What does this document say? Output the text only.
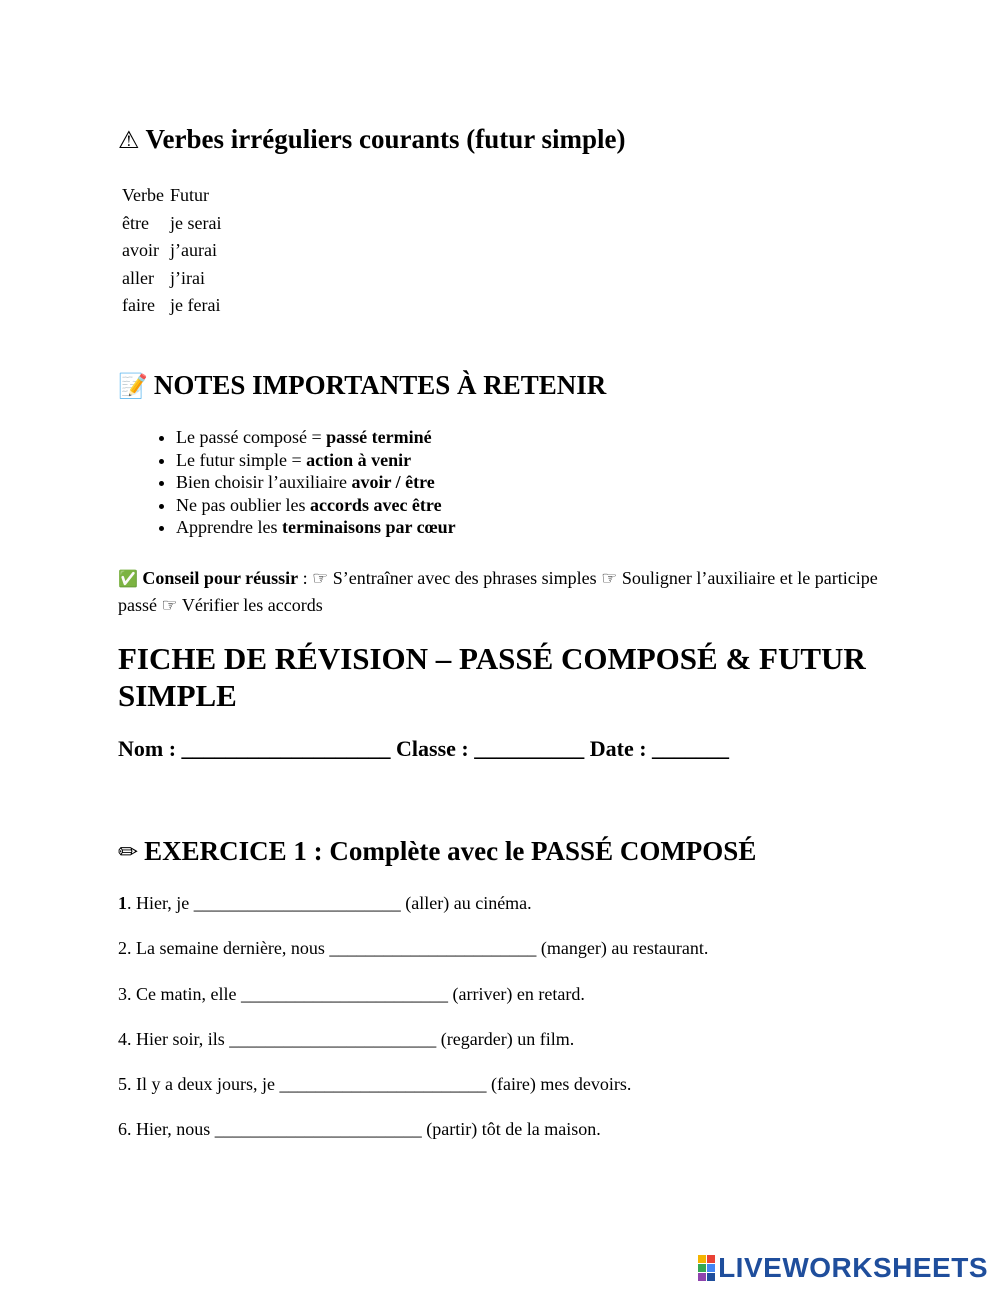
⚠ Verbes irréguliers courants (futur simple)
Verbe	Futur
être	je serai
avoir	j’aurai
aller	j’irai
faire	je ferai
📝 NOTES IMPORTANTES À RETENIR
• Le passé composé = passé terminé
• Le futur simple = action à venir
• Bien choisir l’auxiliaire avoir / être
• Ne pas oublier les accords avec être
• Apprendre les terminaisons par cœur
✅ Conseil pour réussir : ☞ S’entraîner avec des phrases simples ☞ Souligner l’auxiliaire et le participe passé ☞ Vérifier les accords
FICHE DE RÉVISION – PASSÉ COMPOSÉ & FUTUR SIMPLE
Nom : ___________________ Classe : __________ Date : _______
✏ EXERCICE 1 : Complète avec le PASSÉ COMPOSÉ
1. Hier, je _______________________ (aller) au cinéma.
2. La semaine dernière, nous _______________________ (manger) au restaurant.
3. Ce matin, elle _______________________ (arriver) en retard.
4. Hier soir, ils _______________________ (regarder) un film.
5. Il y a deux jours, je _______________________ (faire) mes devoirs.
6. Hier, nous _______________________ (partir) tôt de la maison.
LIVEWORKSHEETS
